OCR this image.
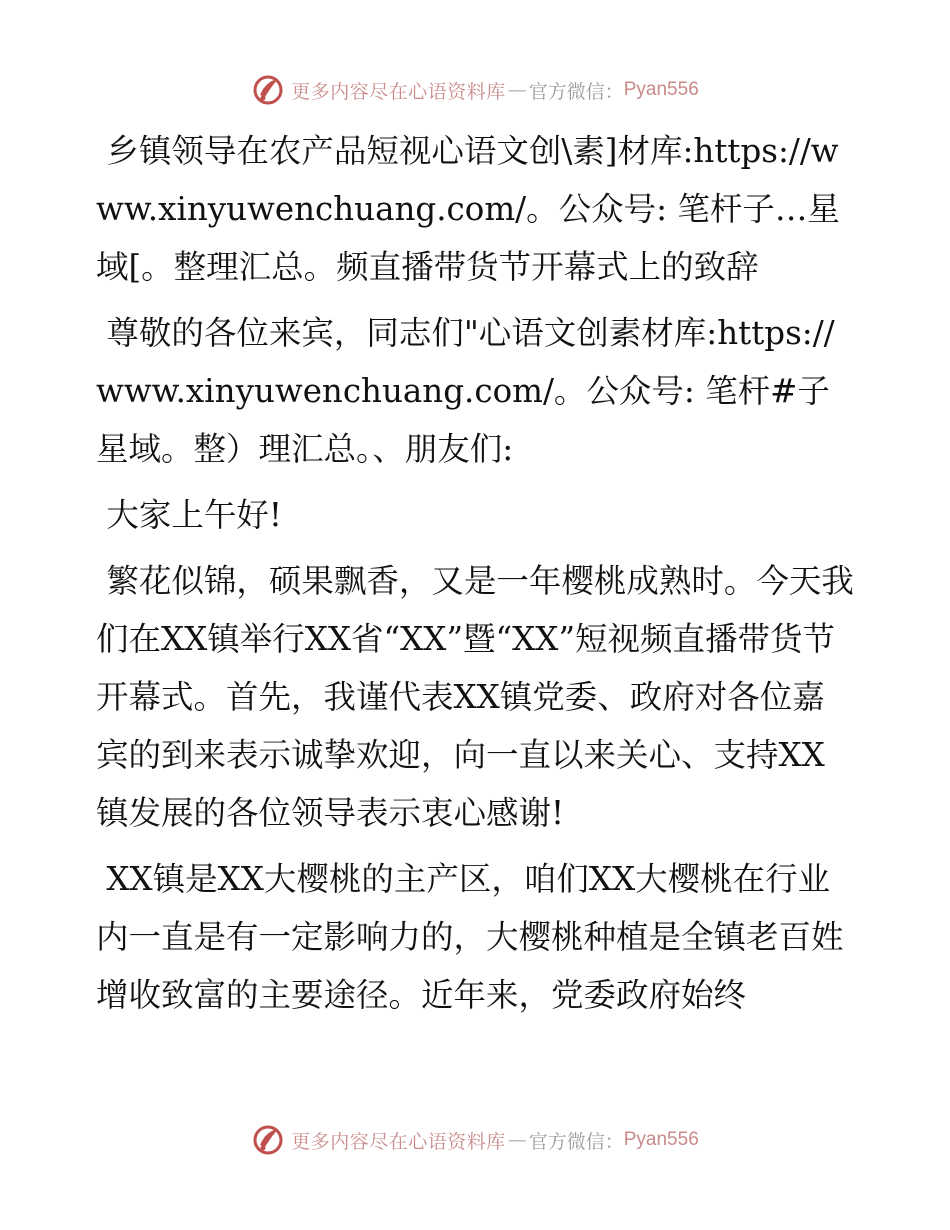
更多内容尽在心语资料库 — 官方微信： Pyan556

乡镇领导在农产品短视心语文创\素]材库:https://www.xinyuwenchuang.com/。公众号: 笔杆子…星域[。整理汇总。频直播带货节开幕式上的致辞

尊敬的各位来宾，同志们"心语文创素材库:https://www.xinyuwenchuang.com/。公众号: 笔杆#子星域。整）理汇总。、朋友们:

大家上午好!

繁花似锦，硕果飘香，又是一年樱桃成熟时。今天我们在XX镇举行XX省“XX”暨“XX”短视频直播带货节开幕式。首先，我谨代表XX镇党委、政府对各位嘉宾的到来表示诚挚欢迎，向一直以来关心、支持XX镇发展的各位领导表示衷心感谢!

XX镇是XX大樱桃的主产区，咱们XX大樱桃在行业内一直是有一定影响力的，大樱桃种植是全镇老百姓增收致富的主要途径。近年来，党委政府始终

更多内容尽在心语资料库 — 官方微信： Pyan556
